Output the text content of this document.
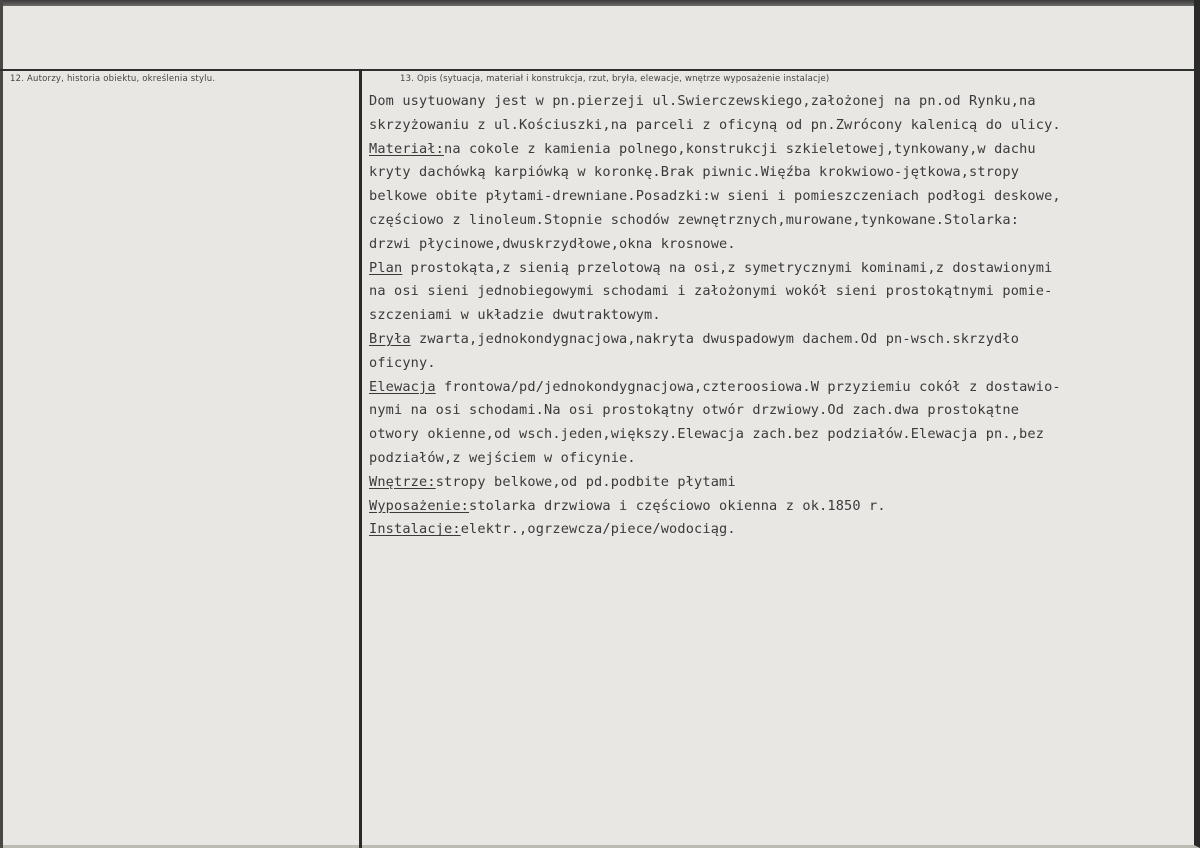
12. Autorzy, historia obiektu, określenia stylu.	13. Opis (sytuacja, materiał i konstrukcja, rzut, bryła, elewacje, wnętrze wyposażenie instalacje)
Dom usytuowany jest w pn.pierzeji ul.Swierczewskiego,założonej na pn.od Rynku,na
skrzyżowaniu z ul.Kościuszki,na parceli z oficyną od pn.Zwrócony kalenicą do ulicy.
Materiał:na cokole z kamienia polnego,konstrukcji szkieletowej,tynkowany,w dachu
kryty dachówką karpiówką w koronkę.Brak piwnic.Więźba krokwiowo-jętkowa,stropy
belkowe obite płytami-drewniane.Posadzki:w sieni i pomieszczeniach podłogi deskowe,
częściowo z linoleum.Stopnie schodów zewnętrznych,murowane,tynkowane.Stolarka:
drzwi płycinowe,dwuskrzydłowe,okna krosnowe.
Plan prostokąta,z sienią przelotową na osi,z symetrycznymi kominami,z dostawionymi
na osi sieni jednobiegowymi schodami i założonymi wokół sieni prostokątnymi pomie-
szczeniami w układzie dwutraktowym.
Bryła zwarta,jednokondygnacjowa,nakryta dwuspadowym dachem.Od pn-wsch.skrzydło
oficyny.
Elewacja frontowa/pd/jednokondygnacjowa,czteroosiowa.W przyziemiu cokół z dostawio-
nymi na osi schodami.Na osi prostokątny otwór drzwiowy.Od zach.dwa prostokątne
otwory okienne,od wsch.jeden,większy.Elewacja zach.bez podziałów.Elewacja pn.,bez
podziałów,z wejściem w oficynie.
Wnętrze:stropy belkowe,od pd.podbite płytami
Wyposażenie:stolarka drzwiowa i częściowo okienna z ok.1850 r.
Instalacje:elektr.,ogrzewcza/piece/wodociąg.
